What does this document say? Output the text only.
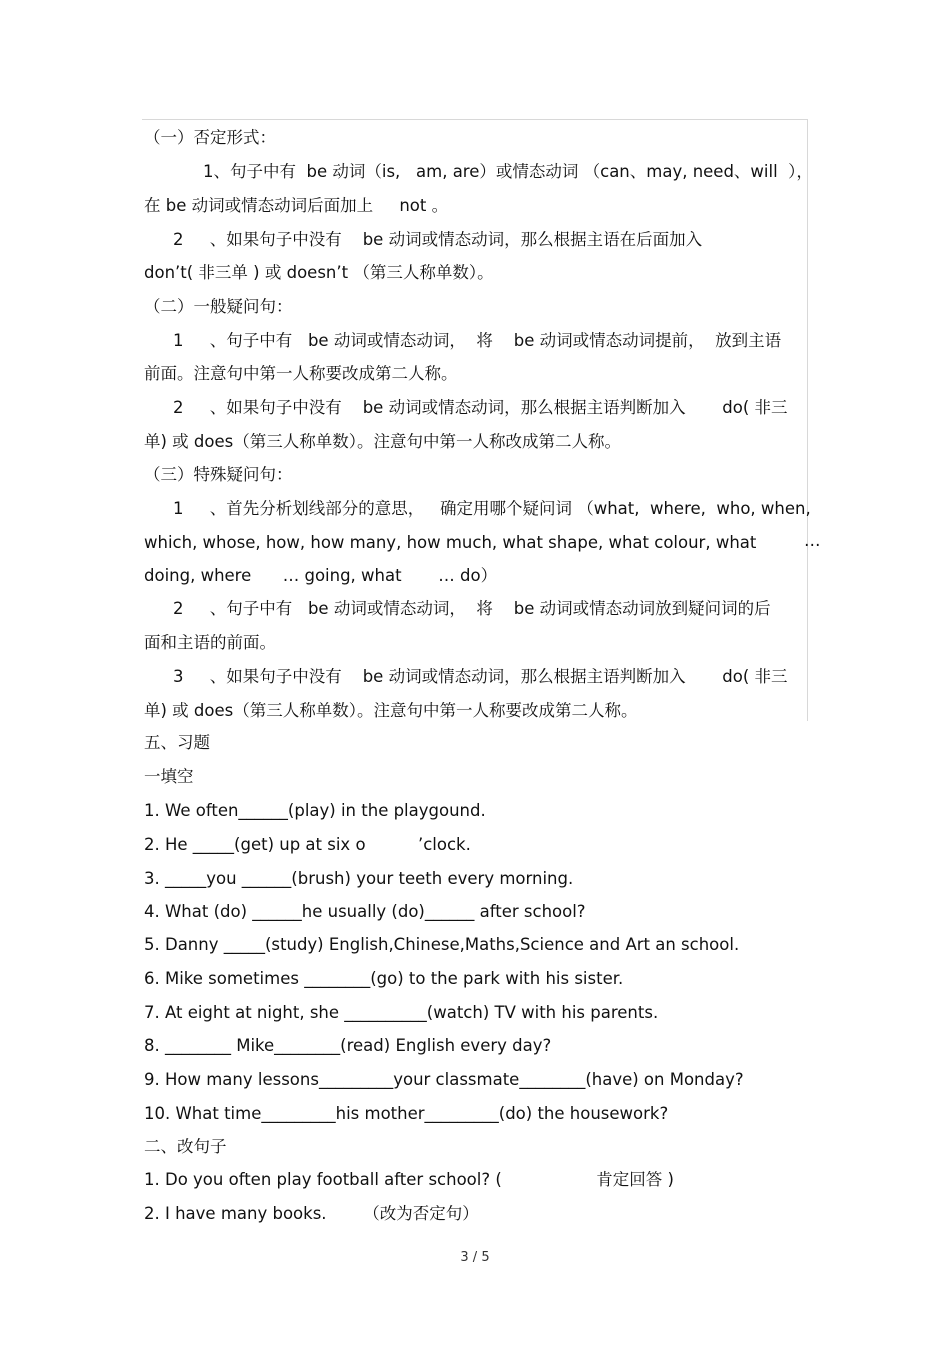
（一）否定形式：
1、句子中有  be 动词（is,   am, are）或情态动词 （can、may, need、will  ），
在 be 动词或情态动词后面加上     not 。
2     、如果句子中没有    be 动词或情态动词，那么根据主语在后面加入
don’t( 非三单 ) 或 doesn’t （第三人称单数）。
（二）一般疑问句：
1     、句子中有   be 动词或情态动词，  将    be 动词或情态动词提前，  放到主语
前面。注意句中第一人称要改成第二人称。
2     、如果句子中没有    be 动词或情态动词，那么根据主语判断加入       do( 非三
单) 或 does（第三人称单数）。注意句中第一人称改成第二人称。
（三）特殊疑问句：
1     、首先分析划线部分的意思，   确定用哪个疑问词 （what,  where,  who, when,
which, whose, how, how many, how much, what shape, what colour, what	…
doing, where      … going, what       … do）
2     、句子中有   be 动词或情态动词，  将    be 动词或情态动词放到疑问词的后
面和主语的前面。
3     、如果句子中没有    be 动词或情态动词，那么根据主语判断加入       do( 非三
单) 或 does（第三人称单数）。注意句中第一人称要改成第二人称。
五、习题
一填空
1. We often______(play) in the playgound.
2. He _____(get) up at six o          ’clock.
3. _____you ______(brush) your teeth every morning.
4. What (do) ______he usually (do)______ after school?
5. Danny _____(study) English,Chinese,Maths,Science and Art an school.
6. Mike sometimes ________(go) to the park with his sister.
7. At eight at night, she __________(watch) TV with his parents.
8. ________ Mike________(read) English every day?
9. How many lessons_________your classmate________(have) on Monday?
10. What time_________his mother_________(do) the housework?
二、改句子
1. Do you often play football after school? (                  肯定回答 )
2. I have many books.       （改为否定句）
3 / 5
